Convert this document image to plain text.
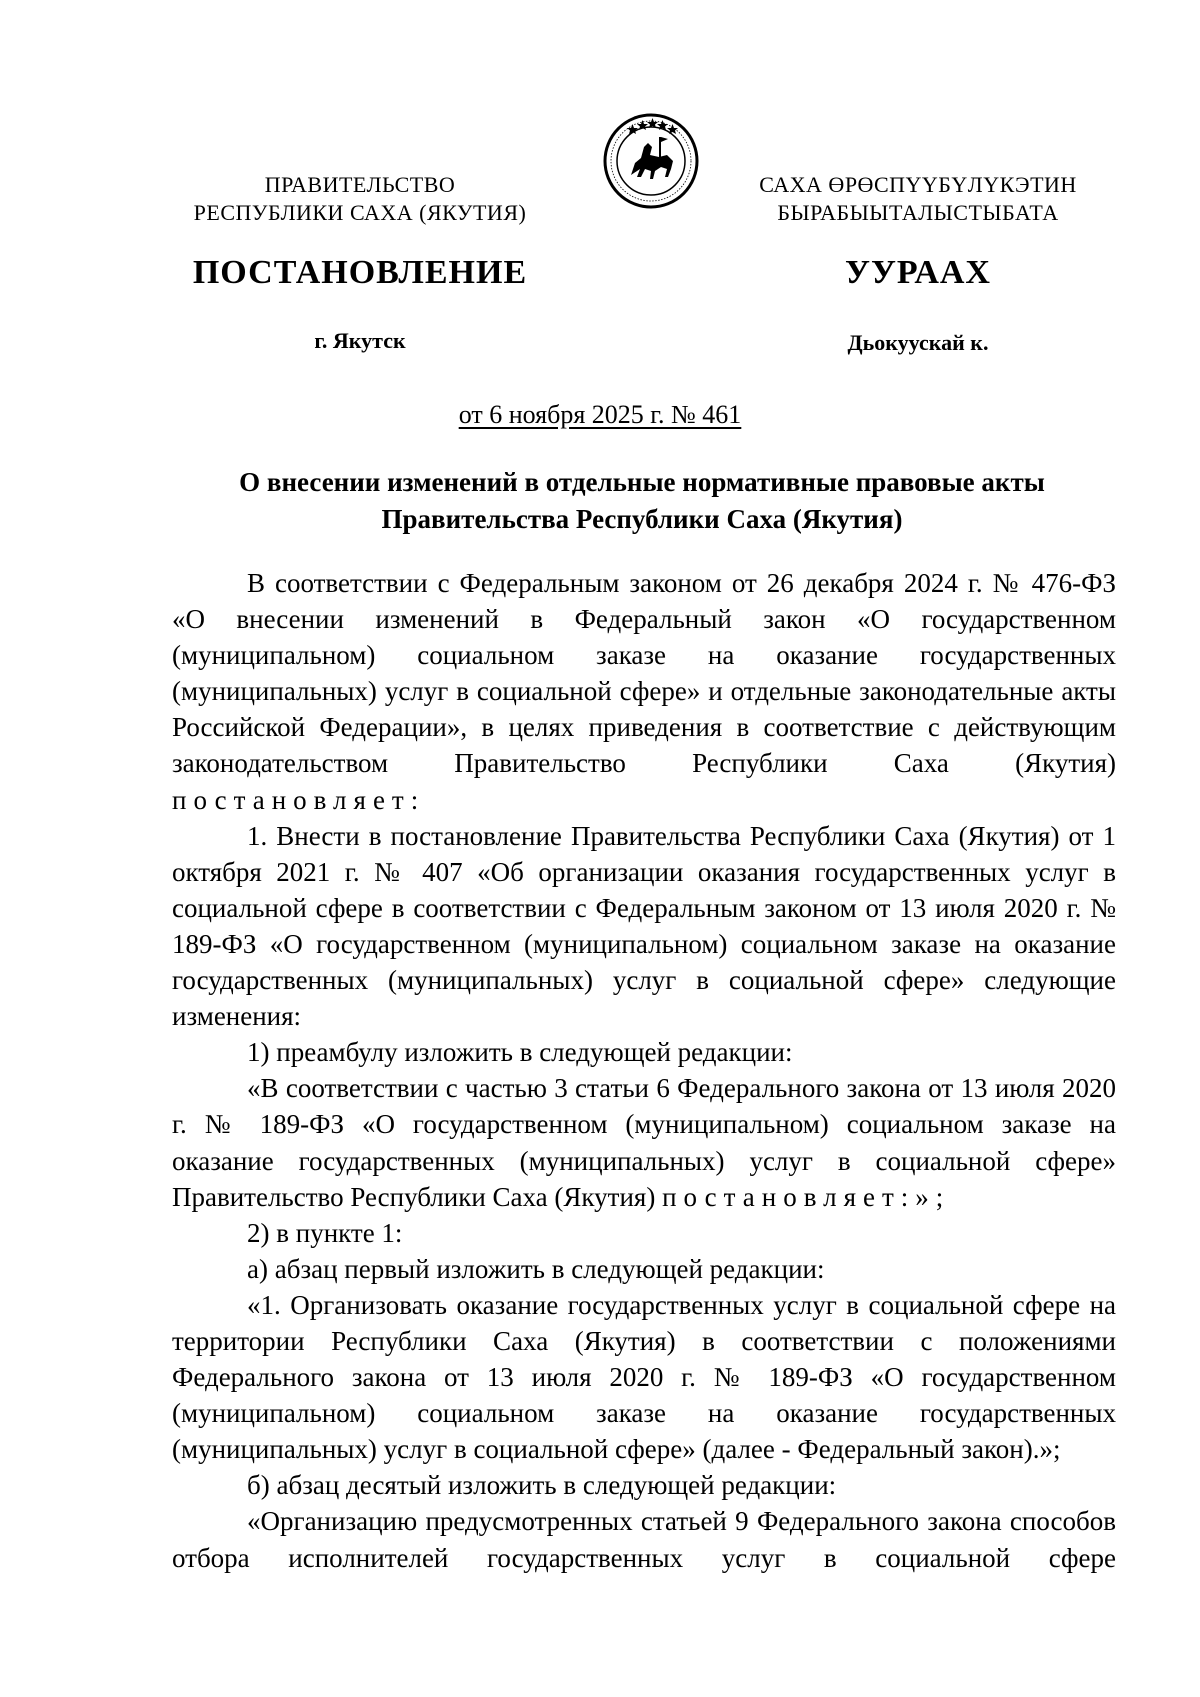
ПРАВИТЕЛЬСТВО
РЕСПУБЛИКИ САХА (ЯКУТИЯ)
САХА ӨРӨСПҮҮБҮЛҮКЭТИН
БЫРАБЫЫТАЛЫСТЫБАТА
ПОСТАНОВЛЕНИЕ	УУРААХ
г. Якутск	Дьокуускай к.
от 6 ноября 2025 г. № 461
О внесении изменений в отдельные нормативные правовые акты
Правительства Республики Саха (Якутия)

В соответствии с Федеральным законом от 26 декабря 2024 г. № 476-ФЗ «О внесении изменений в Федеральный закон «О государственном (муниципальном) социальном заказе на оказание государственных (муниципальных) услуг в социальной сфере» и отдельные законодательные акты Российской Федерации», в целях приведения в соответствие с действующим законодательством Правительство Республики Саха (Якутия) постановляет:

1. Внести в постановление Правительства Республики Саха (Якутия) от 1 октября 2021 г. № 407 «Об организации оказания государственных услуг в социальной сфере в соответствии с Федеральным законом от 13 июля 2020 г. № 189-ФЗ «О государственном (муниципальном) социальном заказе на оказание государственных (муниципальных) услуг в социальной сфере» следующие изменения:

1) преамбулу изложить в следующей редакции:

«В соответствии с частью 3 статьи 6 Федерального закона от 13 июля 2020 г. № 189-ФЗ «О государственном (муниципальном) социальном заказе на оказание государственных (муниципальных) услуг в социальной сфере» Правительство Республики Саха (Якутия) постановляет:»;

2) в пункте 1:

а) абзац первый изложить в следующей редакции:

«1. Организовать оказание государственных услуг в социальной сфере на территории Республики Саха (Якутия) в соответствии с положениями Федерального закона от 13 июля 2020 г. № 189-ФЗ «О государственном (муниципальном) социальном заказе на оказание государственных (муниципальных) услуг в социальной сфере» (далее - Федеральный закон).»;

б) абзац десятый изложить в следующей редакции:

«Организацию предусмотренных статьей 9 Федерального закона способов отбора исполнителей государственных услуг в социальной сфере
